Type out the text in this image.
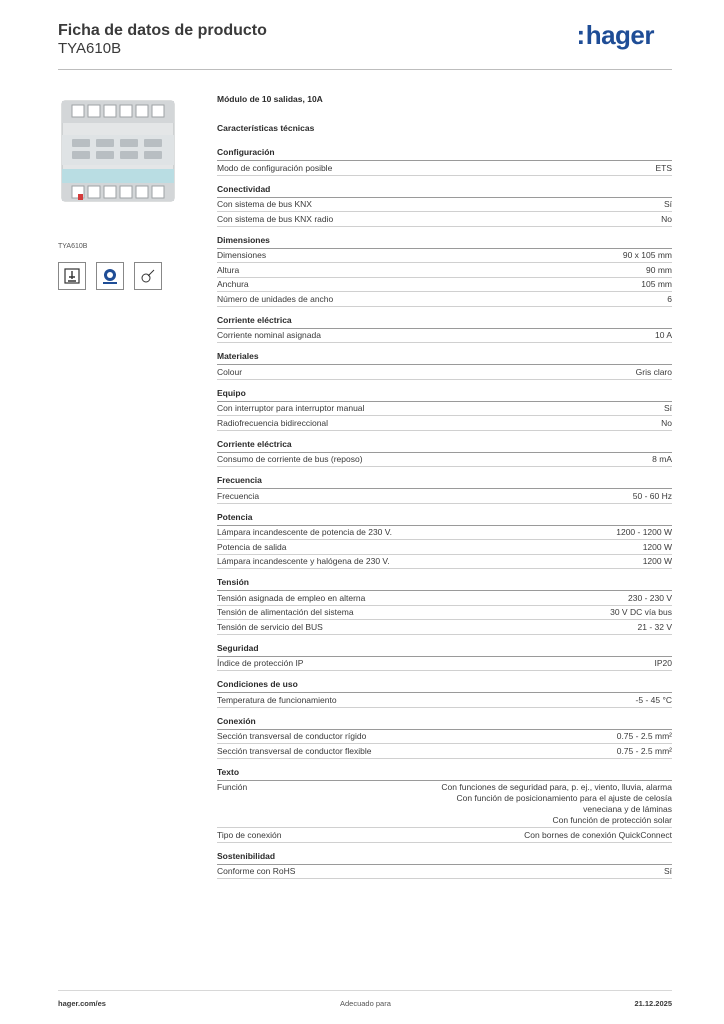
Ficha de datos de producto
TYA610B	:hager
TYA610B
Módulo de 10 salidas, 10A
Características técnicas
Configuración
Modo de configuración posible	ETS
Conectividad
Con sistema de bus KNX	Sí
Con sistema de bus KNX radio	No
Dimensiones
Dimensiones	90 x 105 mm
Altura	90 mm
Anchura	105 mm
Número de unidades de ancho	6
Corriente eléctrica
Corriente nominal asignada	10 A
Materiales
Colour	Gris claro
Equipo
Con interruptor para interruptor manual	Sí
Radiofrecuencia bidireccional	No
Corriente eléctrica
Consumo de corriente de bus (reposo)	8 mA
Frecuencia
Frecuencia	50 - 60 Hz
Potencia
Lámpara incandescente de potencia de 230 V.	1200 - 1200 W
Potencia de salida	1200 W
Lámpara incandescente y halógena de 230 V.	1200 W
Tensión
Tensión asignada de empleo en alterna	230 - 230 V
Tensión de alimentación del sistema	30 V DC vía bus
Tensión de servicio del BUS	21 - 32 V
Seguridad
Índice de protección IP	IP20
Condiciones de uso
Temperatura de funcionamiento	-5 - 45 °C
Conexión
Sección transversal de conductor rígido	0.75 - 2.5 mm²
Sección transversal de conductor flexible	0.75 - 2.5 mm²
Texto
Función	Con funciones de seguridad para, p. ej., viento, lluvia, alarma
Con función de posicionamiento para el ajuste de celosía veneciana y de láminas
Con función de protección solar
Tipo de conexión	Con bornes de conexión QuickConnect
Sostenibilidad
Conforme con RoHS	Sí
hager.com/es	Adecuado para	21.12.2025
